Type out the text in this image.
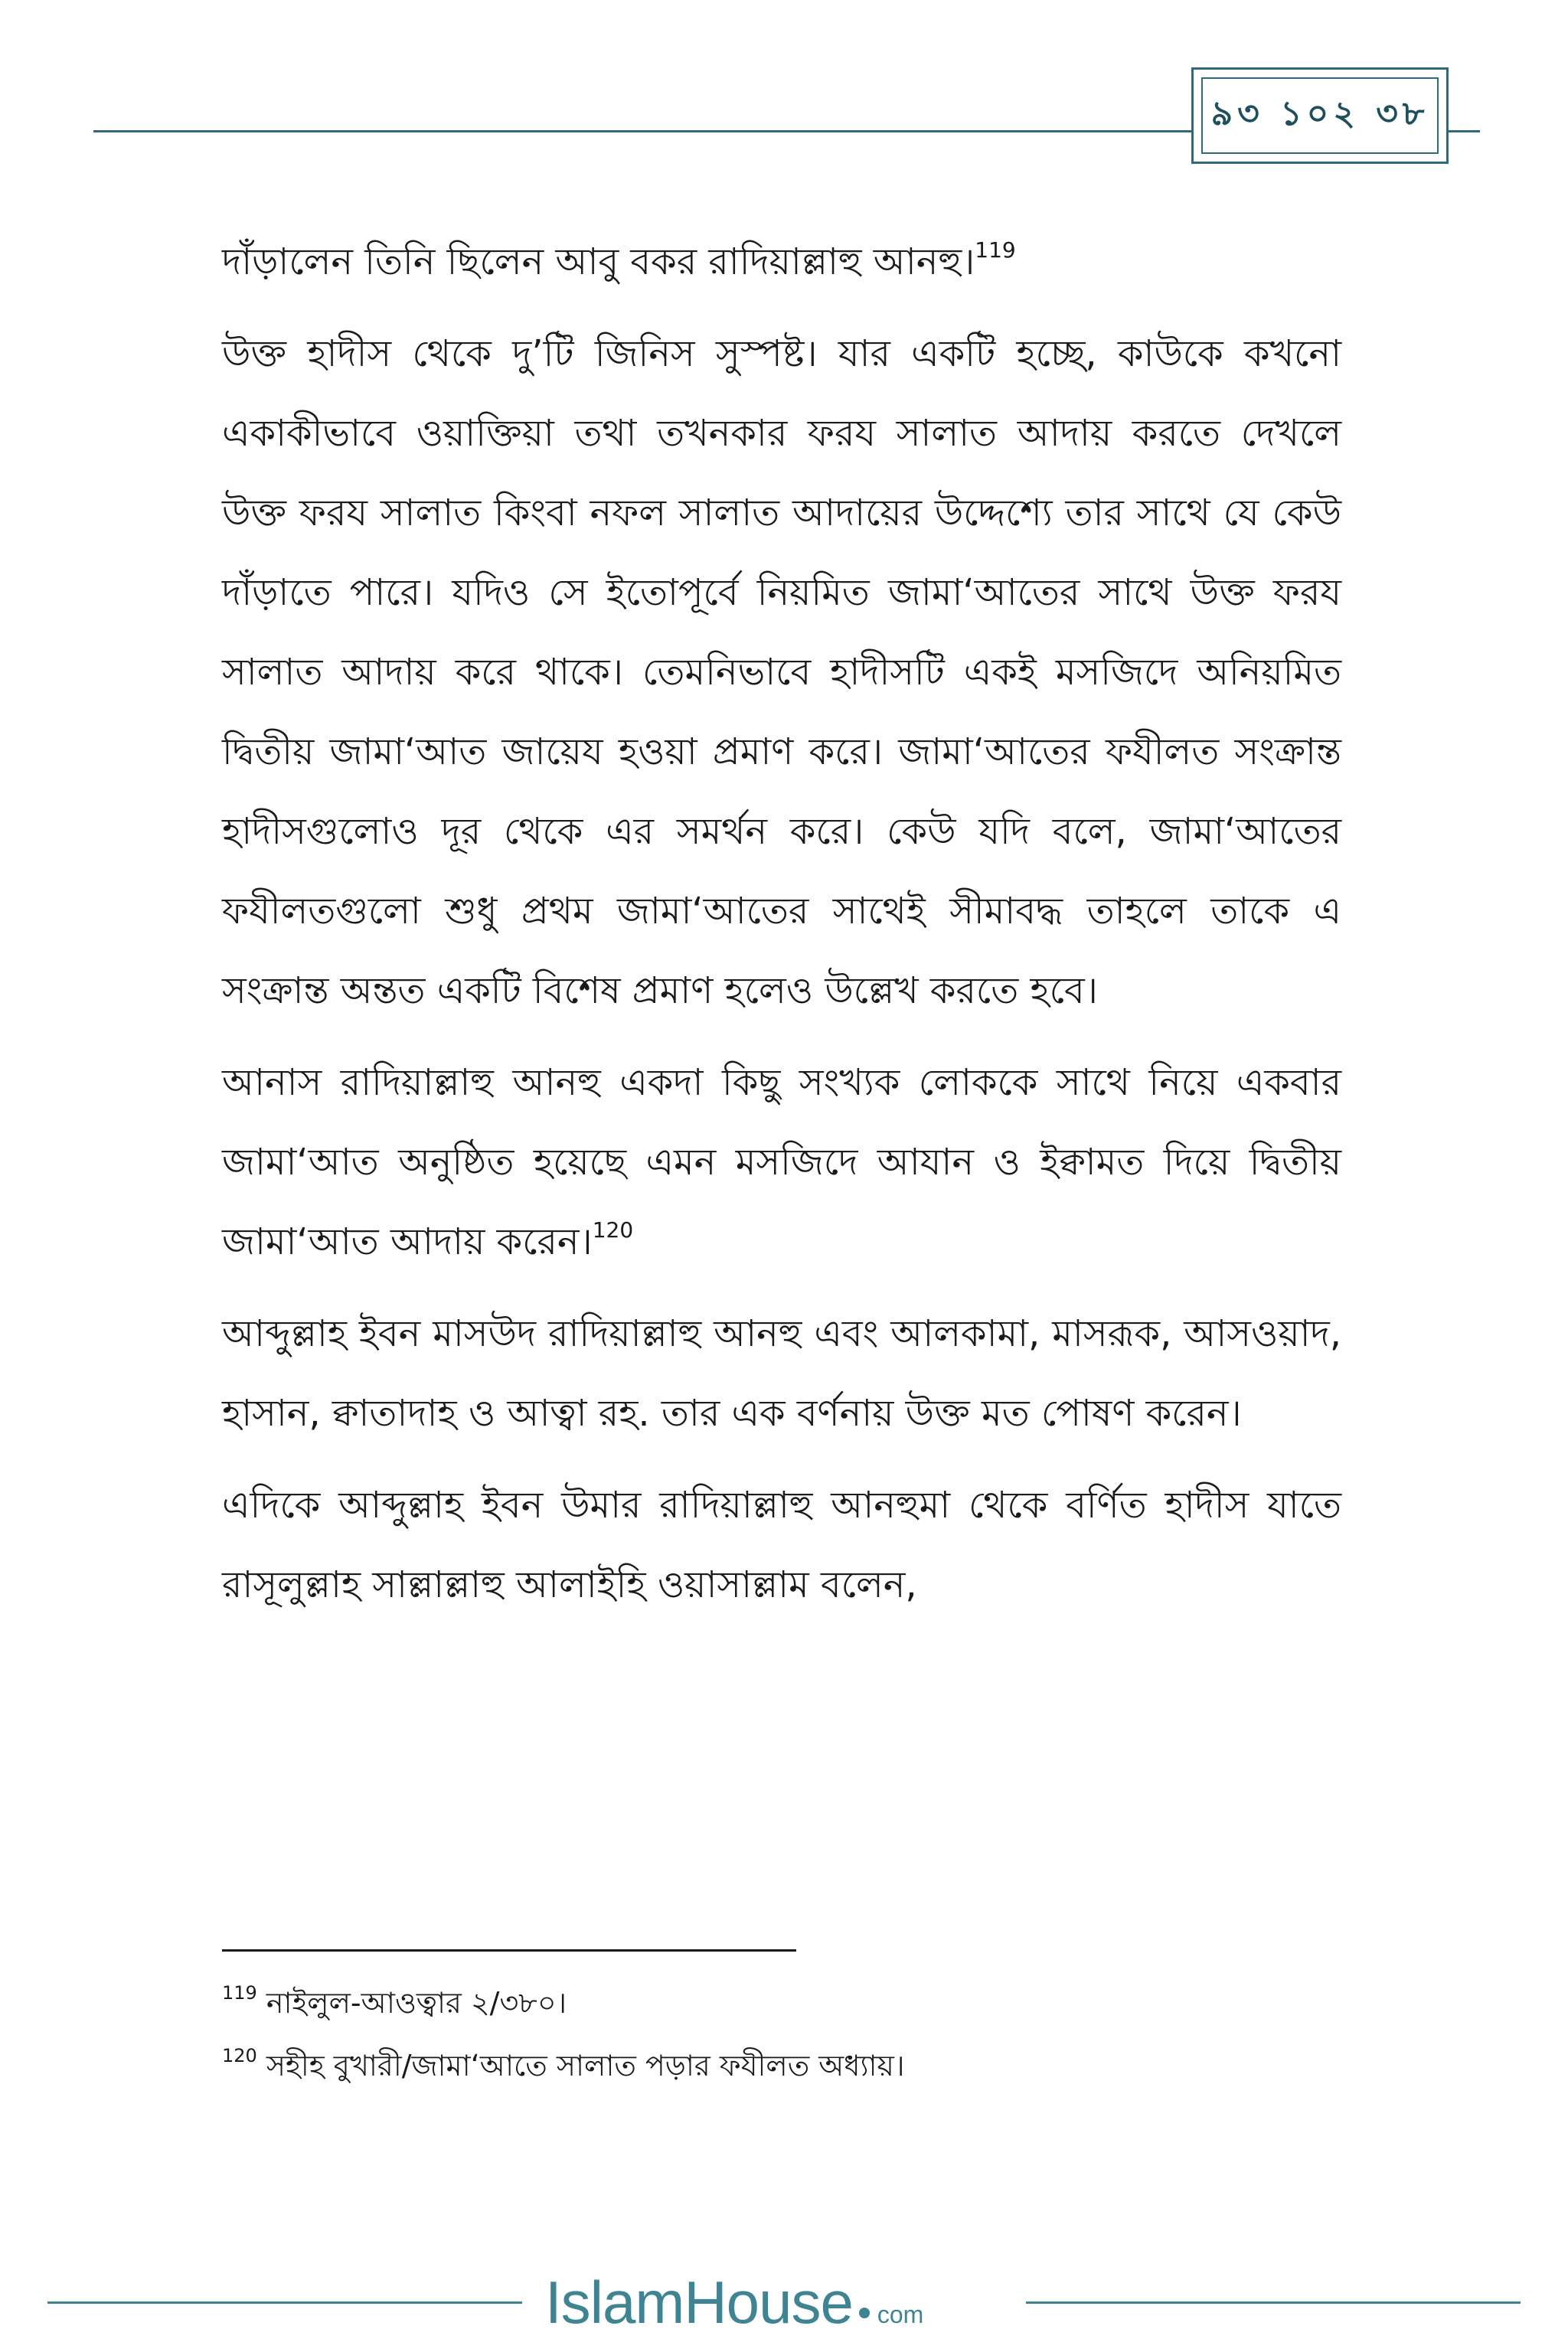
৯৩ ১০২ ৩৮

দাঁড়ালেন তিনি ছিলেন আবু বকর রাদিয়াল্লাহু আনহু।$^{119}$

উক্ত হাদীস থেকে দু’টি জিনিস সুস্পষ্ট। যার একটি হচ্ছে, কাউকে কখনো একাকীভাবে ওয়াক্তিয়া তথা তখনকার ফরয সালাত আদায় করতে দেখলে উক্ত ফরয সালাত কিংবা নফল সালাত আদায়ের উদ্দেশ্যে তার সাথে যে কেউ দাঁড়াতে পারে। যদিও সে ইতোপূর্বে নিয়মিত জামা‘আতের সাথে উক্ত ফরয সালাত আদায় করে থাকে। তেমনিভাবে হাদীসটি একই মসজিদে অনিয়মিত দ্বিতীয় জামা‘আত জায়েয হওয়া প্রমাণ করে। জামা‘আতের ফযীলত সংক্রান্ত হাদীসগুলোও দূর থেকে এর সমর্থন করে। কেউ যদি বলে, জামা‘আতের ফযীলতগুলো শুধু প্রথম জামা‘আতের সাথেই সীমাবদ্ধ তাহলে তাকে এ সংক্রান্ত অন্তত একটি বিশেষ প্রমাণ হলেও উল্লেখ করতে হবে।

আনাস রাদিয়াল্লাহু আনহু একদা কিছু সংখ্যক লোককে সাথে নিয়ে একবার জামা‘আত অনুষ্ঠিত হয়েছে এমন মসজিদে আযান ও ইক্বামত দিয়ে দ্বিতীয় জামা‘আত আদায় করেন।$^{120}$

আব্দুল্লাহ ইবন মাসউদ রাদিয়াল্লাহু আনহু এবং আলকামা, মাসরূক, আসওয়াদ, হাসান, ক্বাতাদাহ ও আত্বা রহ. তার এক বর্ণনায় উক্ত মত পোষণ করেন।

এদিকে আব্দুল্লাহ ইবন উমার রাদিয়াল্লাহু আনহুমা থেকে বর্ণিত হাদীস যাতে রাসূলুল্লাহ সাল্লাল্লাহু আলাইহি ওয়াসাল্লাম বলেন,

$^{119}$ নাইলুল-আওত্বার ২/৩৮০।

$^{120}$ সহীহ বুখারী/জামা‘আতে সালাত পড়ার ফযীলত অধ্যায়।

IslamHouse com
